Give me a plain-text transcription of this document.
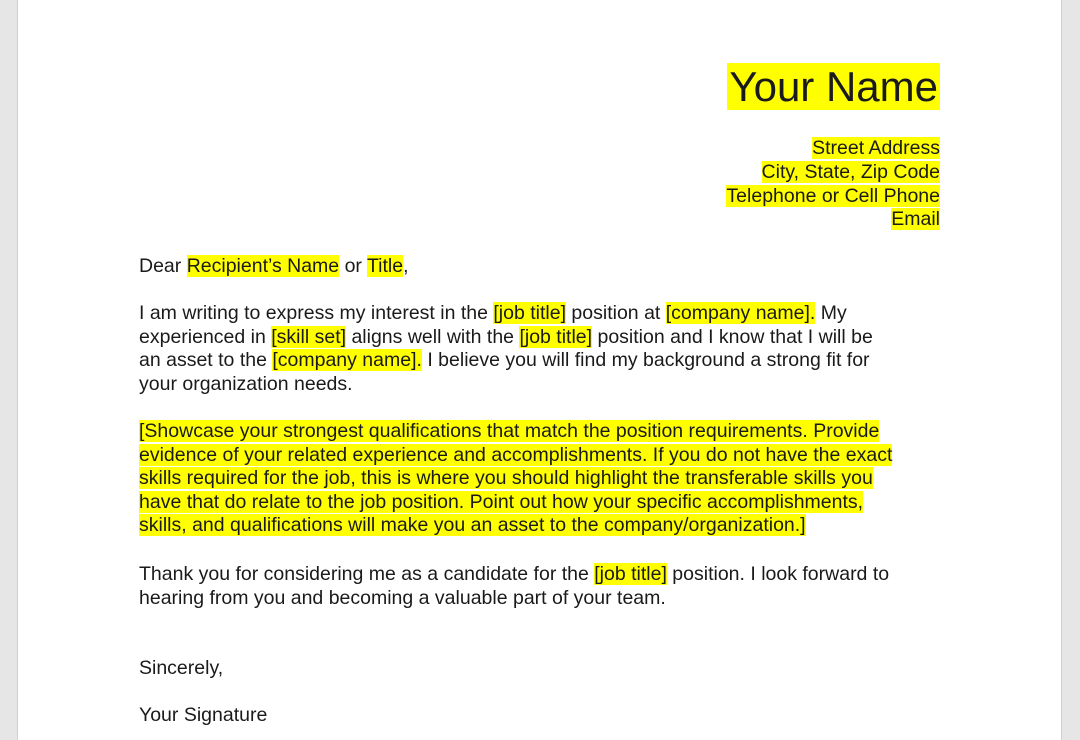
Your Name
Street Address
City, State, Zip Code
Telephone or Cell Phone
Email
Dear Recipient’s Name or Title,
I am writing to express my interest in the [job title] position at [company name]. My
experienced in [skill set] aligns well with the [job title] position and I know that I will be
an asset to the [company name]. I believe you will find my background a strong fit for
your organization needs.
[Showcase your strongest qualifications that match the position requirements. Provide
evidence of your related experience and accomplishments. If you do not have the exact
skills required for the job, this is where you should highlight the transferable skills you
have that do relate to the job position. Point out how your specific accomplishments,
skills, and qualifications will make you an asset to the company/organization.]
Thank you for considering me as a candidate for the [job title] position. I look forward to
hearing from you and becoming a valuable part of your team.
Sincerely,
Your Signature
